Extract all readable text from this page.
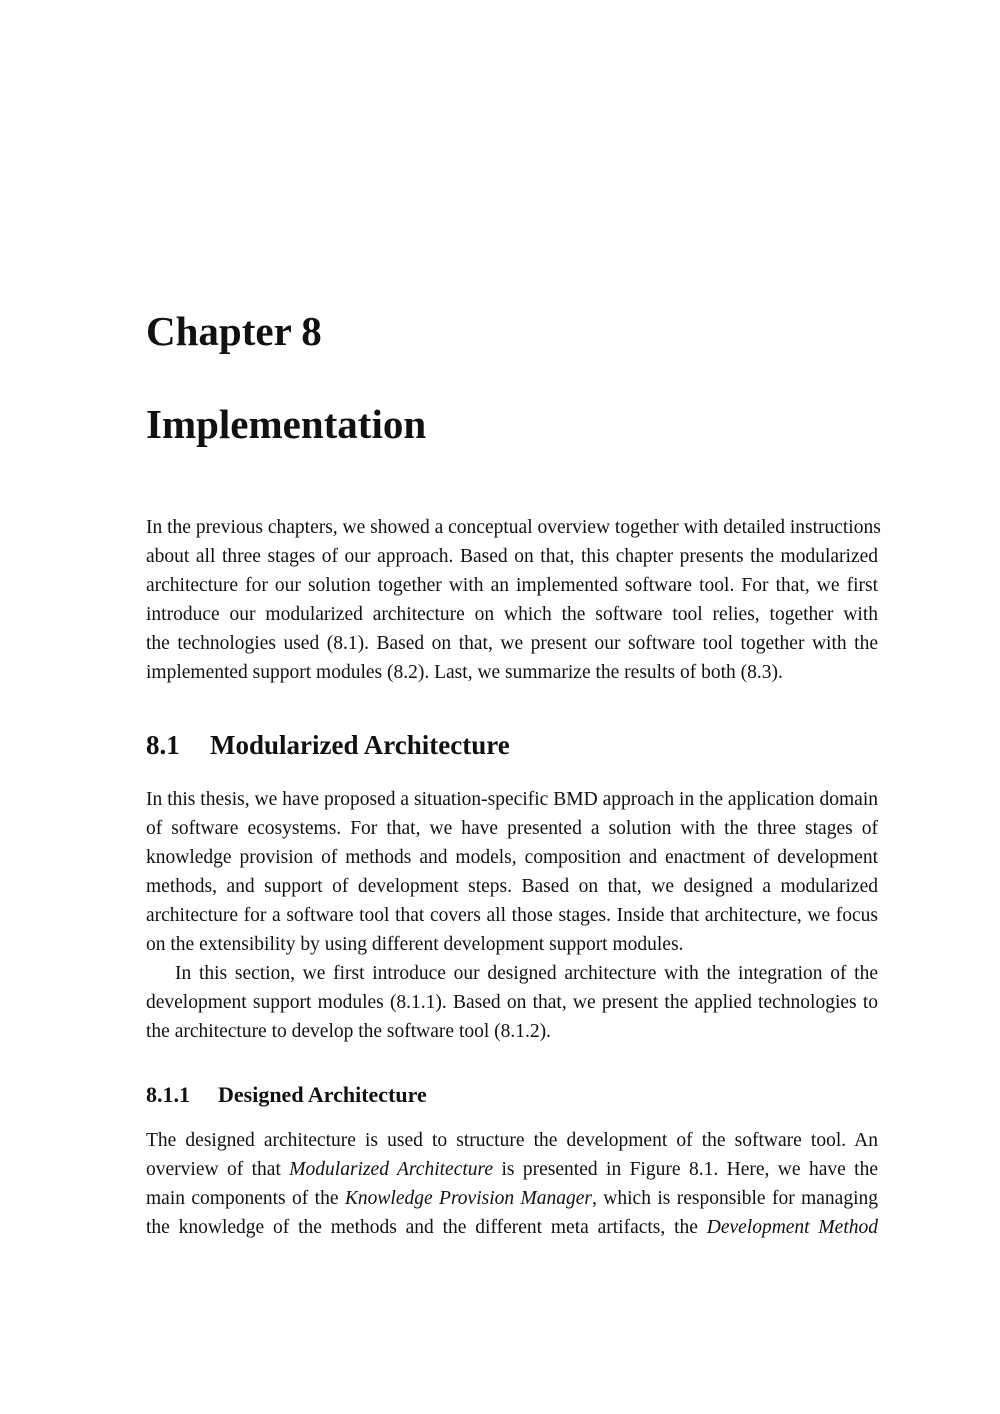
Chapter 8
Implementation

In the previous chapters, we showed a conceptual overview together with detailed instructions
about all three stages of our approach. Based on that, this chapter presents the modularized
architecture for our solution together with an implemented software tool. For that, we first
introduce our modularized architecture on which the software tool relies, together with
the technologies used (8.1). Based on that, we present our software tool together with the
implemented support modules (8.2). Last, we summarize the results of both (8.3).

8.1 Modularized Architecture

In this thesis, we have proposed a situation-specific BMD approach in the application domain
of software ecosystems. For that, we have presented a solution with the three stages of
knowledge provision of methods and models, composition and enactment of development
methods, and support of development steps. Based on that, we designed a modularized
architecture for a software tool that covers all those stages. Inside that architecture, we focus
on the extensibility by using different development support modules.

In this section, we first introduce our designed architecture with the integration of the
development support modules (8.1.1). Based on that, we present the applied technologies to
the architecture to develop the software tool (8.1.2).

8.1.1 Designed Architecture

The designed architecture is used to structure the development of the software tool. An
overview of that Modularized Architecture is presented in Figure 8.1. Here, we have the
main components of the Knowledge Provision Manager, which is responsible for managing
the knowledge of the methods and the different meta artifacts, the Development Method
